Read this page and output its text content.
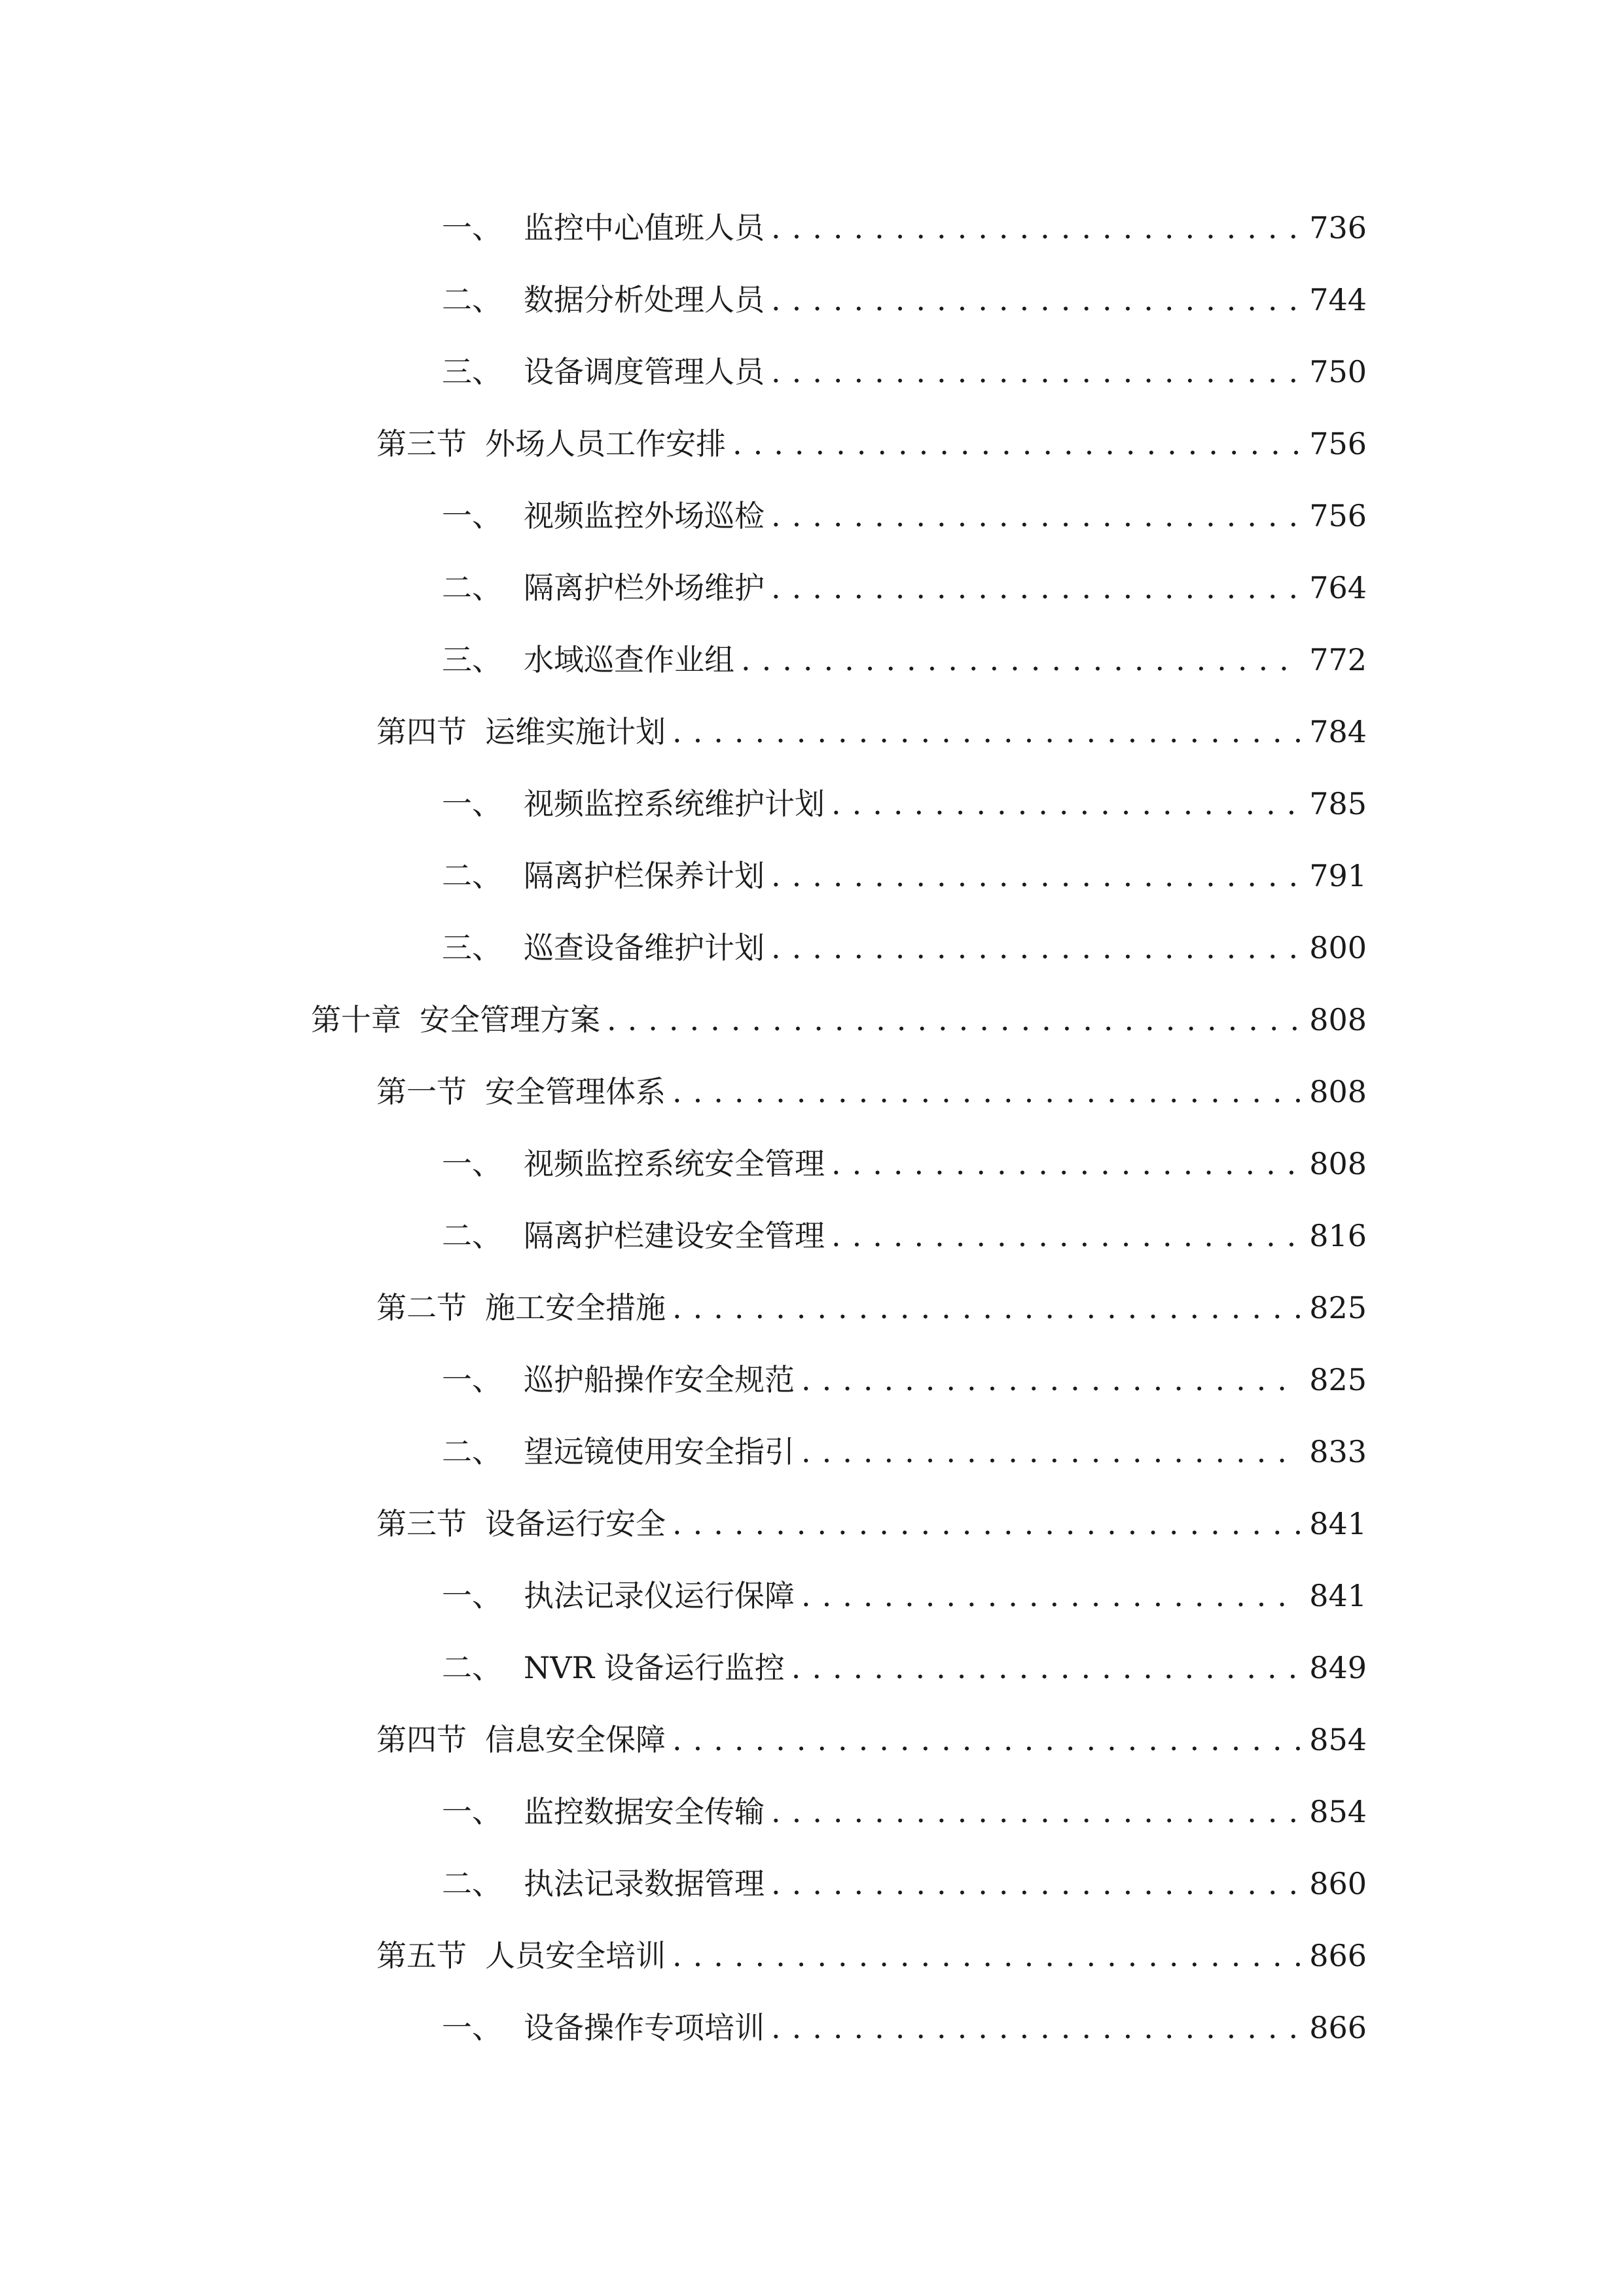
一、 监控中心值班人员 .....	736
二、 数据分析处理人员 .....	744
三、 设备调度管理人员 .....	750
第三节 外场人员工作安排 .....	756
一、 视频监控外场巡检 .....	756
二、 隔离护栏外场维护 .....	764
三、 水域巡查作业组 .....	772
第四节 运维实施计划 .....	784
一、 视频监控系统维护计划 .....	785
二、 隔离护栏保养计划 .....	791
三、 巡查设备维护计划 .....	800
第十章 安全管理方案 .....	808
第一节 安全管理体系 .....	808
一、 视频监控系统安全管理 .....	808
二、 隔离护栏建设安全管理 .....	816
第二节 施工安全措施 .....	825
一、 巡护船操作安全规范 .....	825
二、 望远镜使用安全指引 .....	833
第三节 设备运行安全 .....	841
一、 执法记录仪运行保障 .....	841
二、 NVR 设备运行监控 .....	849
第四节 信息安全保障 .....	854
一、 监控数据安全传输 .....	854
二、 执法记录数据管理 .....	860
第五节 人员安全培训 .....	866
一、 设备操作专项培训 .....	866
